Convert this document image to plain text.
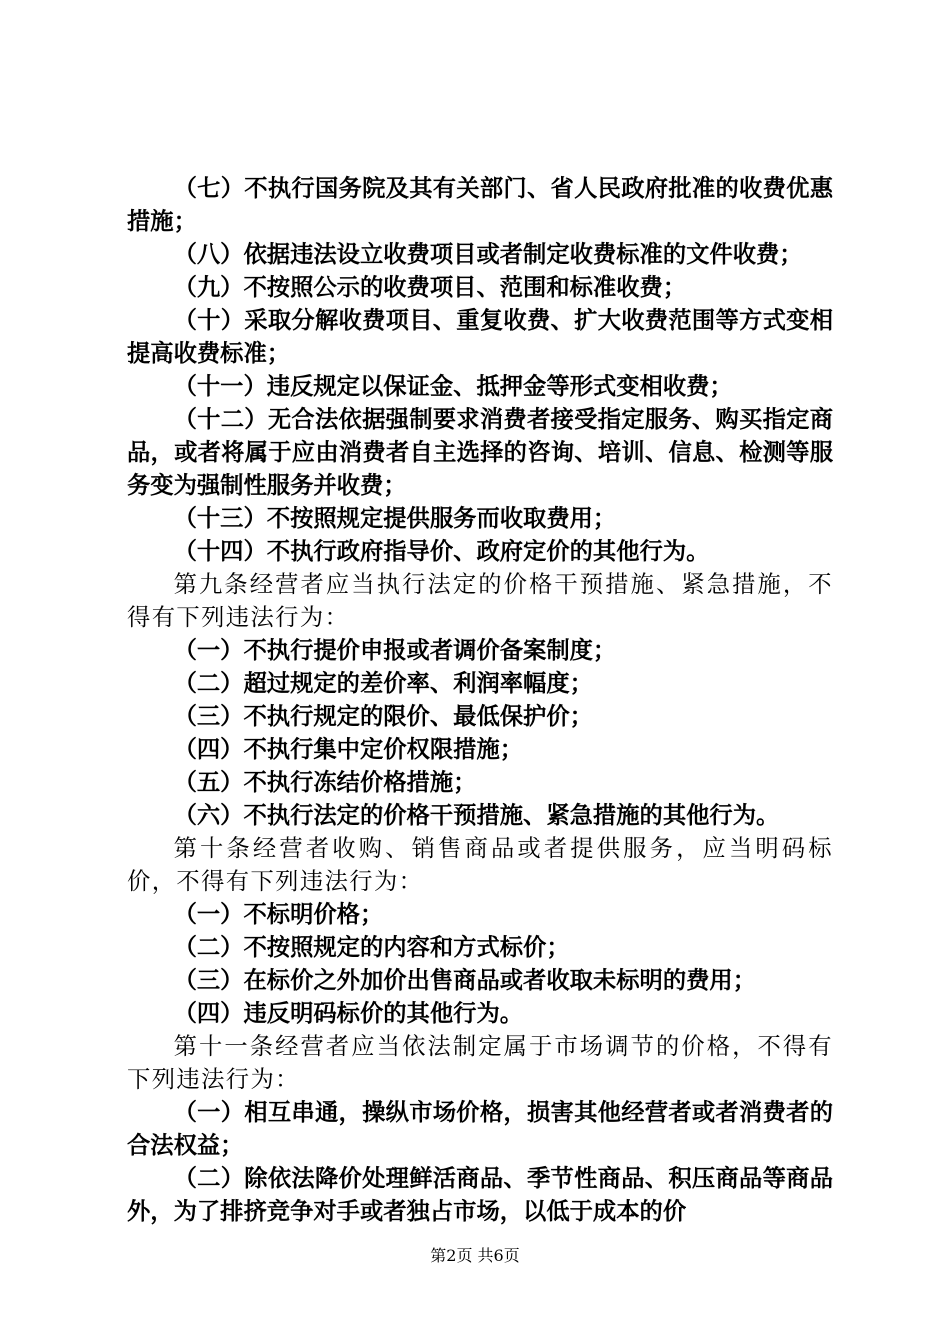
（七）不执行国务院及其有关部门、省人民政府批准的收费优惠措施；

（八）依据违法设立收费项目或者制定收费标准的文件收费；

（九）不按照公示的收费项目、范围和标准收费；

（十）采取分解收费项目、重复收费、扩大收费范围等方式变相提高收费标准；

（十一）违反规定以保证金、抵押金等形式变相收费；

（十二）无合法依据强制要求消费者接受指定服务、购买指定商品，或者将属于应由消费者自主选择的咨询、培训、信息、检测等服务变为强制性服务并收费；

（十三）不按照规定提供服务而收取费用；

（十四）不执行政府指导价、政府定价的其他行为。

第九条经营者应当执行法定的价格干预措施、紧急措施，不得有下列违法行为：

（一）不执行提价申报或者调价备案制度；

（二）超过规定的差价率、利润率幅度；

（三）不执行规定的限价、最低保护价；

（四）不执行集中定价权限措施；

（五）不执行冻结价格措施；

（六）不执行法定的价格干预措施、紧急措施的其他行为。

第十条经营者收购、销售商品或者提供服务，应当明码标价，不得有下列违法行为：

（一）不标明价格；

（二）不按照规定的内容和方式标价；

（三）在标价之外加价出售商品或者收取未标明的费用；

（四）违反明码标价的其他行为。

第十一条经营者应当依法制定属于市场调节的价格，不得有下列违法行为：

（一）相互串通，操纵市场价格，损害其他经营者或者消费者的合法权益；

（二）除依法降价处理鲜活商品、季节性商品、积压商品等商品外，为了排挤竞争对手或者独占市场，以低于成本的价

第2页 共6页
